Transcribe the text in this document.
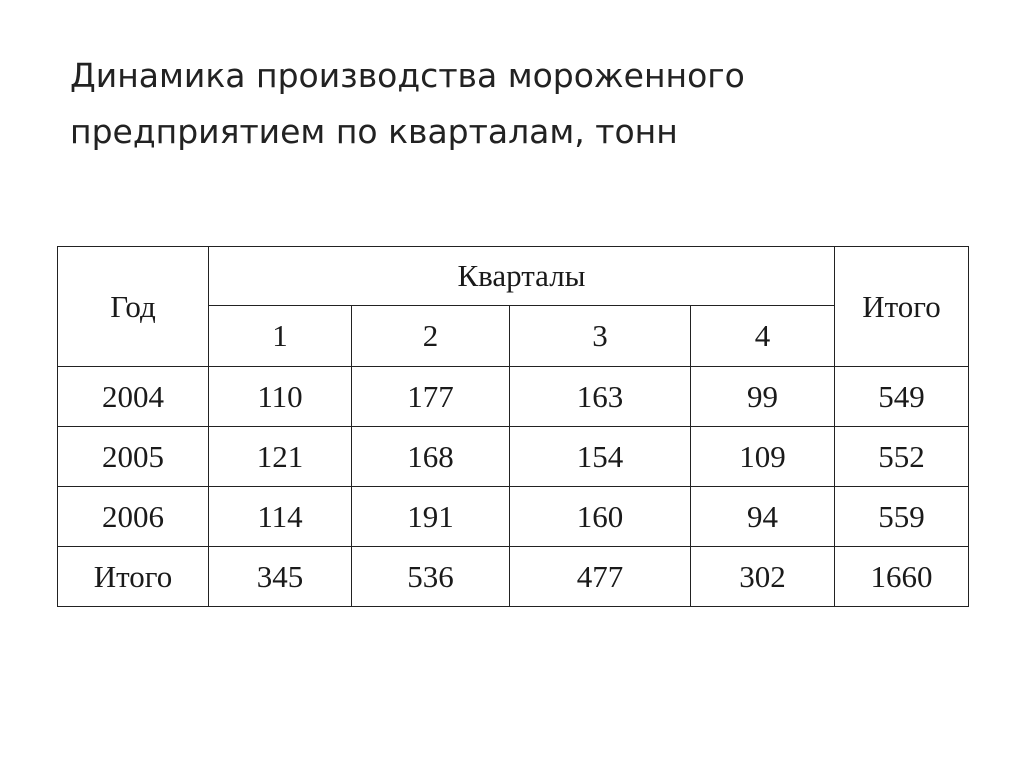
Динамика производства мороженного
предприятием по кварталам, тонн
Год	Кварталы				Итого
	1	2	3	4	
2004	110	177	163	99	549
2005	121	168	154	109	552
2006	114	191	160	94	559
Итого	345	536	477	302	1660
